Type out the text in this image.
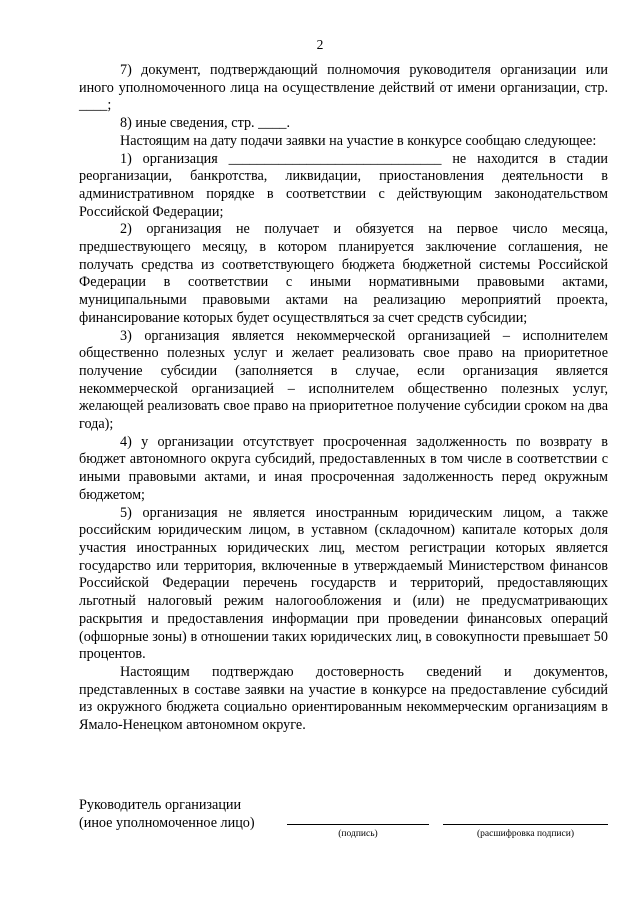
2

7) документ, подтверждающий полномочия руководителя организации или иного уполномоченного лица на осуществление действий от имени организации, стр. ____;

8) иные сведения, стр. ____.

Настоящим на дату подачи заявки на участие в конкурсе сообщаю следующее:

1) организация ______________________________ не находится в стадии реорганизации, банкротства, ликвидации, приостановления деятельности в административном порядке в соответствии с действующим законодательством Российской Федерации;

2) организация не получает и обязуется на первое число месяца, предшествующего месяцу, в котором планируется заключение соглашения, не получать средства из соответствующего бюджета бюджетной системы Российской Федерации в соответствии с иными нормативными правовыми актами, муниципальными правовыми актами на реализацию мероприятий проекта, финансирование которых будет осуществляться за счет средств субсидии;

3) организация является некоммерческой организацией – исполнителем общественно полезных услуг и желает реализовать свое право на приоритетное получение субсидии (заполняется в случае, если организация является некоммерческой организацией – исполнителем общественно полезных услуг, желающей реализовать свое право на приоритетное получение субсидии сроком на два года);

4) у организации отсутствует просроченная задолженность по возврату в бюджет автономного округа субсидий, предоставленных в том числе в соответствии с иными правовыми актами, и иная просроченная задолженность перед окружным бюджетом;

5) организация не является иностранным юридическим лицом, а также российским юридическим лицом, в уставном (складочном) капитале которых доля участия иностранных юридических лиц, местом регистрации которых является государство или территория, включенные в утверждаемый Министерством финансов Российской Федерации перечень государств и территорий, предоставляющих льготный налоговый режим налогообложения и (или) не предусматривающих раскрытия и предоставления информации при проведении финансовых операций (офшорные зоны) в отношении таких юридических лиц, в совокупности превышает 50 процентов.

Настоящим подтверждаю достоверность сведений и документов, представленных в составе заявки на участие в конкурсе на предоставление субсидий из окружного бюджета социально ориентированным некоммерческим организациям в Ямало-Ненецком автономном округе.

Руководитель организации
(иное уполномоченное лицо)
(подпись)	(расшифровка подписи)
